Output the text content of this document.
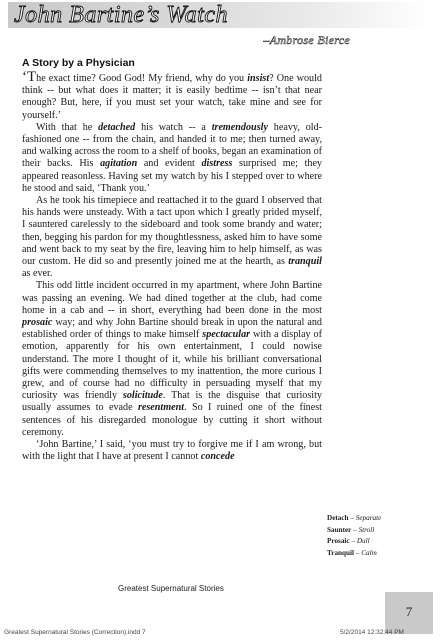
John Bartine’s Watch
–Ambrose Bierce
A Story by a Physician

‘The exact time? Good God! My friend, why do you insist? One would think -- but what does it matter; it is easily bedtime -- isn’t that near enough? But, here, if you must set your watch, take mine and see for yourself.’

With that he detached his watch -- a tremendously heavy, old-fashioned one -- from the chain, and handed it to me; then turned away, and walking across the room to a shelf of books, began an examination of their backs. His agitation and evident distress surprised me; they appeared reasonless. Having set my watch by his I stepped over to where he stood and said, ‘Thank you.’

As he took his timepiece and reattached it to the guard I observed that his hands were unsteady. With a tact upon which I greatly prided myself, I sauntered carelessly to the sideboard and took some brandy and water; then, begging his pardon for my thoughtlessness, asked him to have some and went back to my seat by the fire, leaving him to help himself, as was our custom. He did so and presently joined me at the hearth, as tranquil as ever.

This odd little incident occurred in my apartment, where John Bartine was passing an evening. We had dined together at the club, had come home in a cab and -- in short, everything had been done in the most prosaic way; and why John Bartine should break in upon the natural and established order of things to make himself spectacular with a display of emotion, apparently for his own entertainment, I could nowise understand. The more I thought of it, while his brilliant conversational gifts were commending themselves to my inattention, the more curious I grew, and of course had no difficulty in persuading myself that my curiosity was friendly solicitude. That is the disguise that curiosity usually assumes to evade resentment. So I ruined one of the finest sentences of his disregarded monologue by cutting it short without ceremony.

‘John Bartine,’ I said, ‘you must try to forgive me if I am wrong, but with the light that I have at present I cannot concede

Detach – Separate
Saunter – Stroll
Prosaic – Dull
Tranquil – Calm
Greatest Supernatural Stories
7
Greatest Supernatural Stories (Correction).indd 7	5/2/2014 12:32:44 PM
